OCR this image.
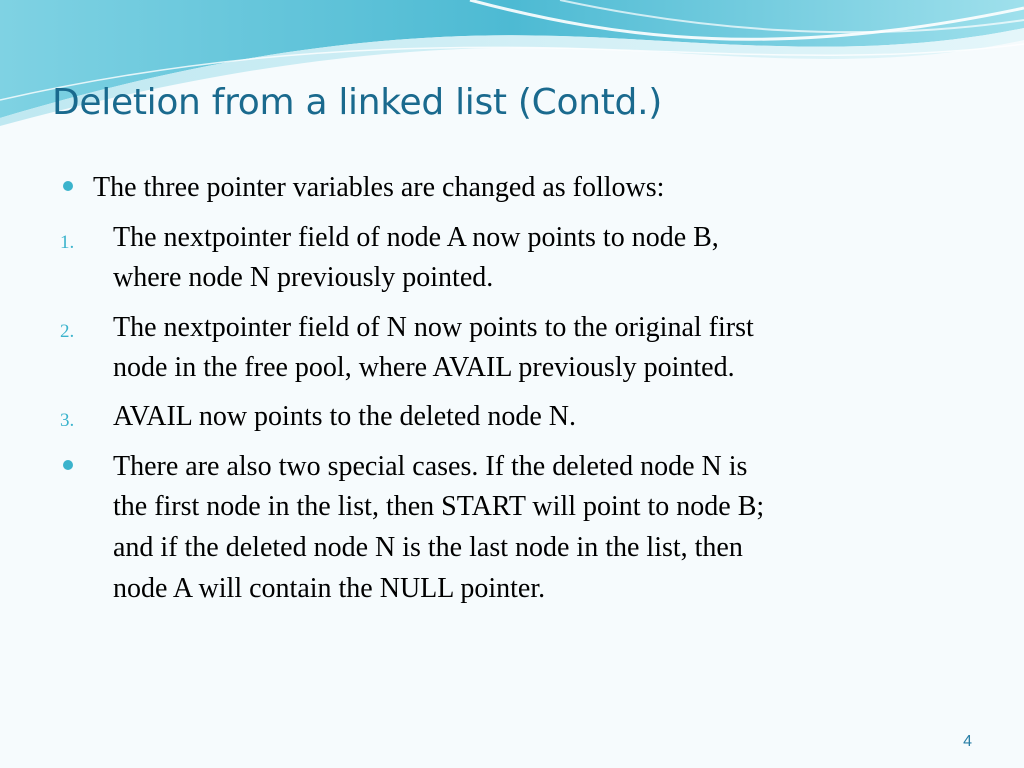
Deletion from a linked list (Contd.)
The three pointer variables are changed as follows:
1. The nextpointer field of node A now points to node B,
where node N previously pointed.
2. The nextpointer field of N now points to the original first
node in the free pool, where AVAIL previously pointed.
3. AVAIL now points to the deleted node N.
There are also two special cases. If the deleted node N is
the first node in the list, then START will point to node B;
and if the deleted node N is the last node in the list, then
node A will contain the NULL pointer.
4
